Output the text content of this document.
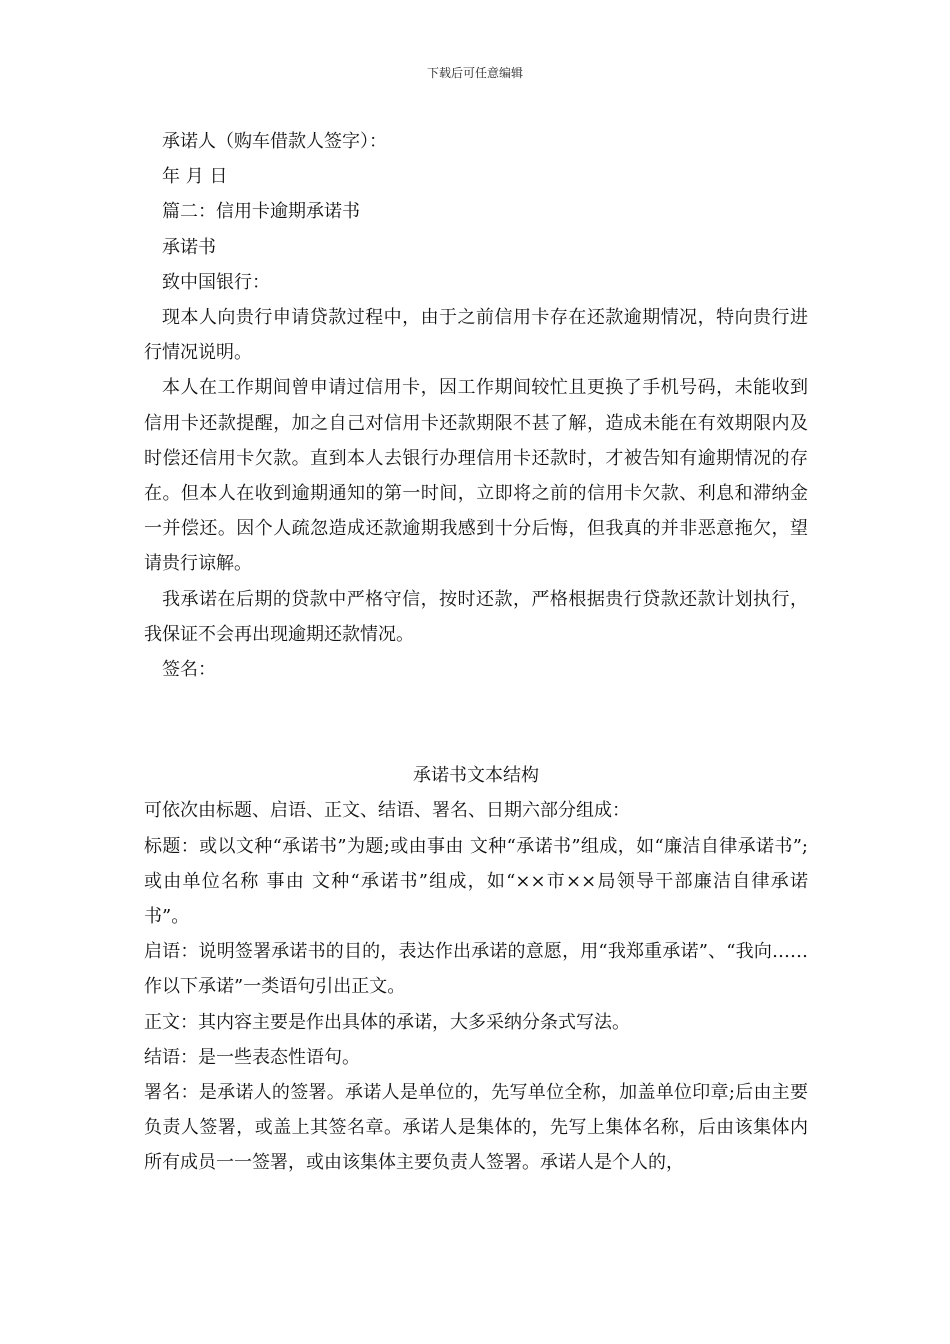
下载后可任意编辑

承诺人（购车借款人签字）：

年 月 日

篇二：信用卡逾期承诺书

承诺书

致中国银行：

现本人向贵行申请贷款过程中，由于之前信用卡存在还款逾期情况，特向贵行进行情况说明。

本人在工作期间曾申请过信用卡，因工作期间较忙且更换了手机号码，未能收到信用卡还款提醒，加之自己对信用卡还款期限不甚了解，造成未能在有效期限内及时偿还信用卡欠款。直到本人去银行办理信用卡还款时，才被告知有逾期情况的存在。但本人在收到逾期通知的第一时间，立即将之前的信用卡欠款、利息和滞纳金一并偿还。因个人疏忽造成还款逾期我感到十分后悔，但我真的并非恶意拖欠，望请贵行谅解。

我承诺在后期的贷款中严格守信，按时还款，严格根据贵行贷款还款计划执行，我保证不会再出现逾期还款情况。

签名：

承诺书文本结构

可依次由标题、启语、正文、结语、署名、日期六部分组成：

标题：或以文种“承诺书”为题;或由事由 文种“承诺书”组成，如“廉洁自律承诺书”;或由单位名称 事由 文种“承诺书”组成，如“××市××局领导干部廉洁自律承诺书”。

启语：说明签署承诺书的目的，表达作出承诺的意愿，用“我郑重承诺”、“我向……作以下承诺”一类语句引出正文。

正文：其内容主要是作出具体的承诺，大多采纳分条式写法。

结语：是一些表态性语句。

署名：是承诺人的签署。承诺人是单位的，先写单位全称，加盖单位印章;后由主要负责人签署，或盖上其签名章。承诺人是集体的，先写上集体名称，后由该集体内所有成员一一签署，或由该集体主要负责人签署。承诺人是个人的，
